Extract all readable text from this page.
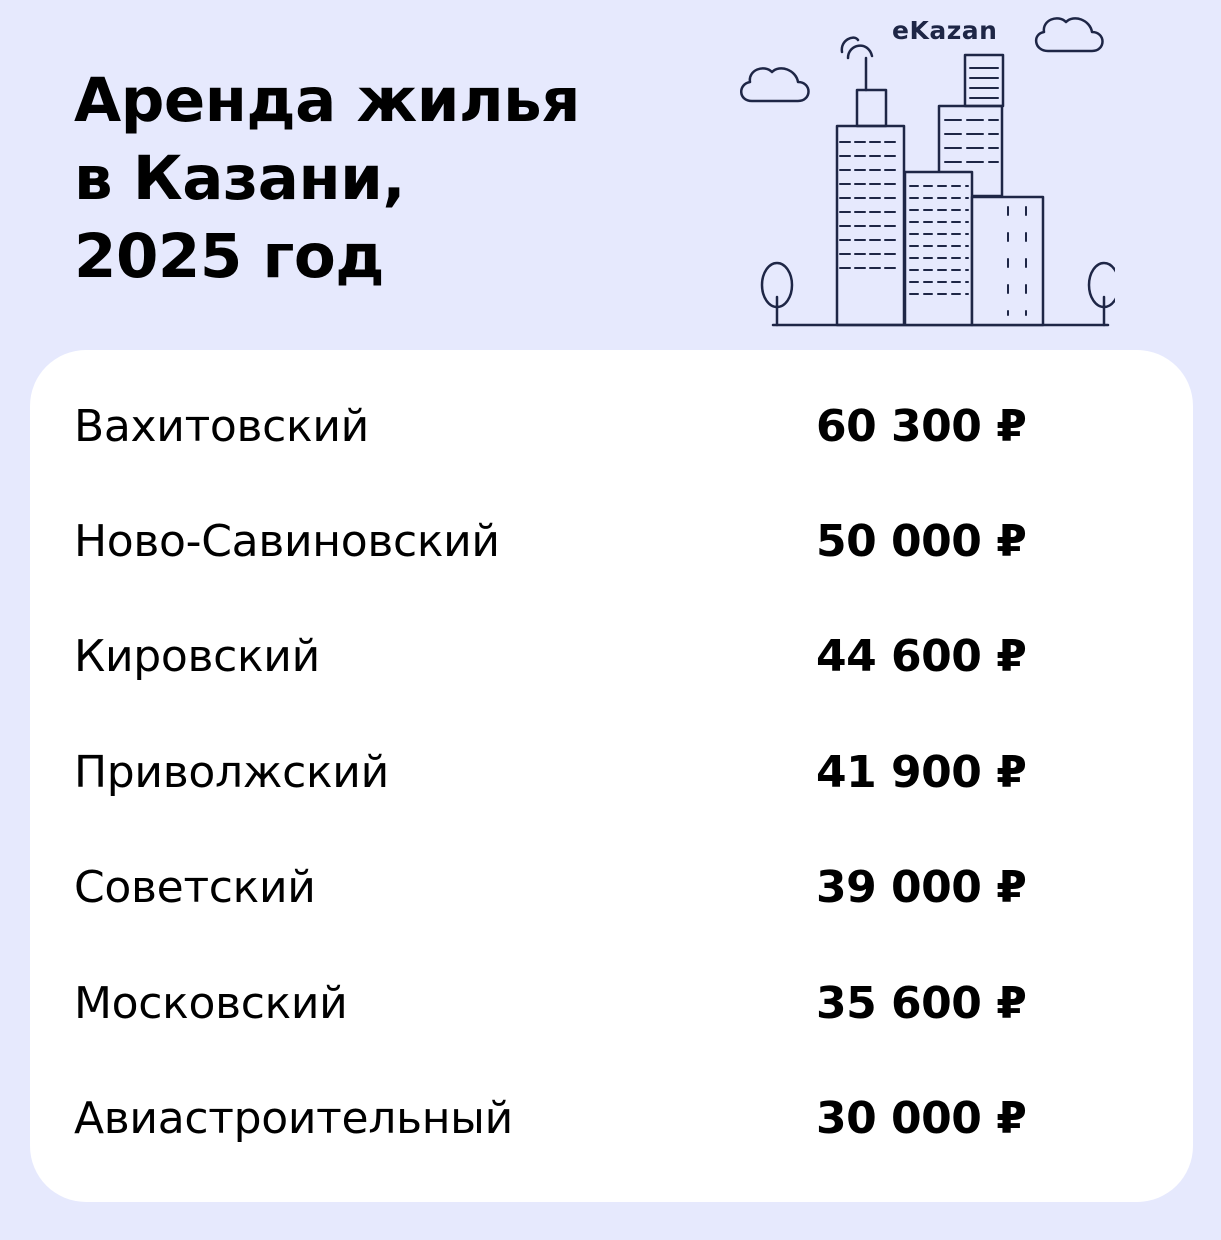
Аренда жилья
в Казани,
2025 год
eKazan
Вахитовский	60 300 ₽
Ново-Савиновский	50 000 ₽
Кировский	44 600 ₽
Приволжский	41 900 ₽
Советский	39 000 ₽
Московский	35 600 ₽
Авиастроительный	30 000 ₽
